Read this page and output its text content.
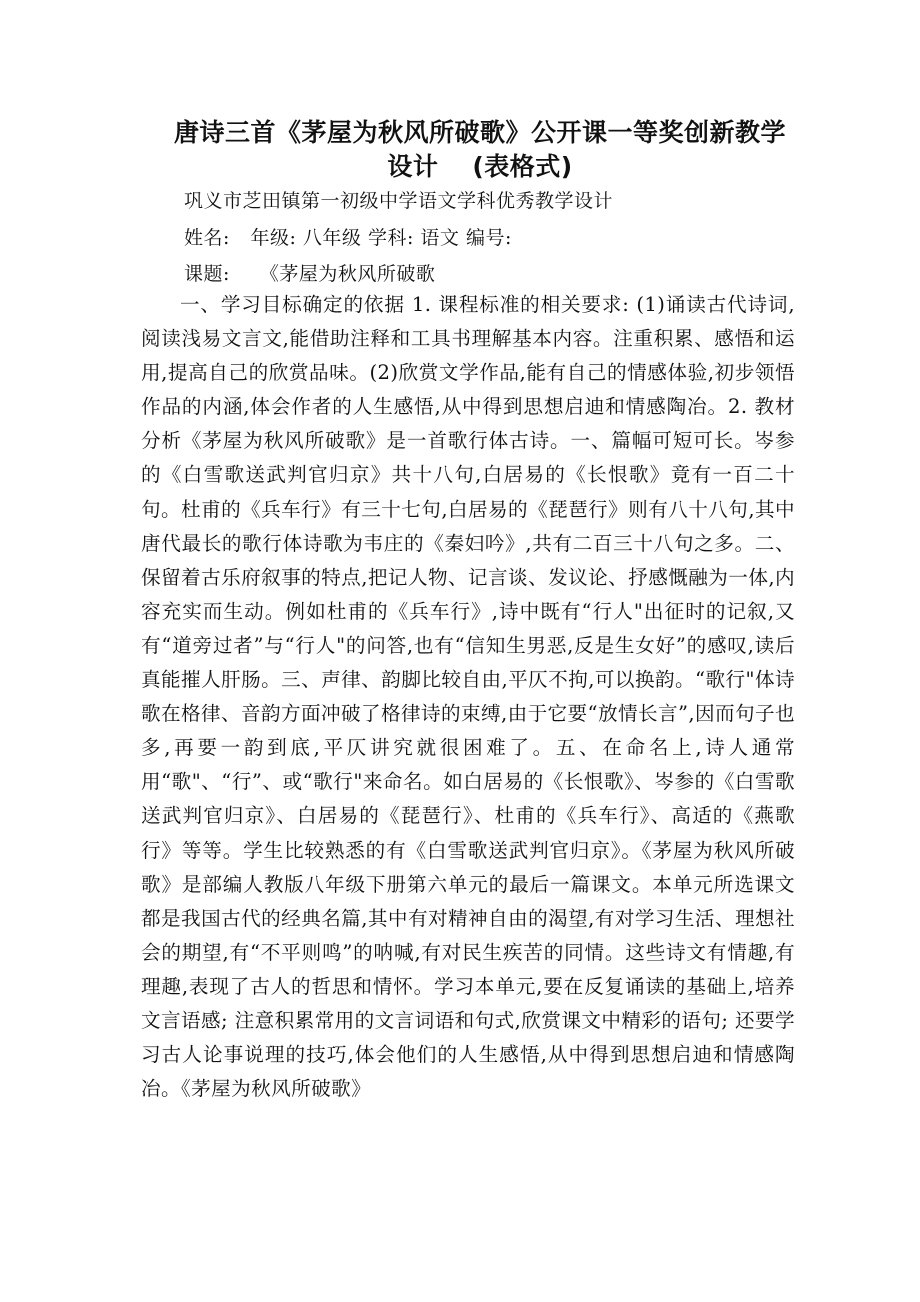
唐诗三首《茅屋为秋风所破歌》公开课一等奖创新教学
设计 (表格式)
巩义市芝田镇第一初级中学语文学科优秀教学设计
姓名: 年级: 八年级 学科: 语文 编号:
课题: 《茅屋为秋风所破歌
一、学习目标确定的依据 1. 课程标准的相关要求: (1)诵读古代诗词,阅读浅易文言文,能借助注释和工具书理解基本内容。注重积累、感悟和运用,提高自己的欣赏品味。(2)欣赏文学作品,能有自己的情感体验,初步领悟作品的内涵,体会作者的人生感悟,从中得到思想启迪和情感陶冶。2. 教材分析《茅屋为秋风所破歌》是一首歌行体古诗。一、篇幅可短可长。岑参的《白雪歌送武判官归京》共十八句,白居易的《长恨歌》竟有一百二十句。杜甫的《兵车行》有三十七句,白居易的《琵琶行》则有八十八句,其中唐代最长的歌行体诗歌为韦庄的《秦妇吟》,共有二百三十八句之多。二、保留着古乐府叙事的特点,把记人物、记言谈、发议论、抒感慨融为一体,内容充实而生动。例如杜甫的《兵车行》,诗中既有“行人"出征时的记叙,又有“道旁过者”与“行人"的问答,也有“信知生男恶,反是生女好”的感叹,读后真能摧人肝肠。三、声律、韵脚比较自由,平仄不拘,可以换韵。“歌行"体诗歌在格律、音韵方面冲破了格律诗的束缚,由于它要“放情长言”,因而句子也多,再要一韵到底,平仄讲究就很困难了。五、在命名上,诗人通常用“歌"、“行”、或“歌行"来命名。如白居易的《长恨歌》、岑参的《白雪歌送武判官归京》、白居易的《琵琶行》、杜甫的《兵车行》、高适的《燕歌行》等等。学生比较熟悉的有《白雪歌送武判官归京》。《茅屋为秋风所破歌》是部编人教版八年级下册第六单元的最后一篇课文。本单元所选课文都是我国古代的经典名篇,其中有对精神自由的渴望,有对学习生活、理想社会的期望,有“不平则鸣”的呐喊,有对民生疾苦的同情。这些诗文有情趣,有理趣,表现了古人的哲思和情怀。学习本单元,要在反复诵读的基础上,培养文言语感; 注意积累常用的文言词语和句式,欣赏课文中精彩的语句; 还要学习古人论事说理的技巧,体会他们的人生感悟,从中得到思想启迪和情感陶冶。《茅屋为秋风所破歌》
